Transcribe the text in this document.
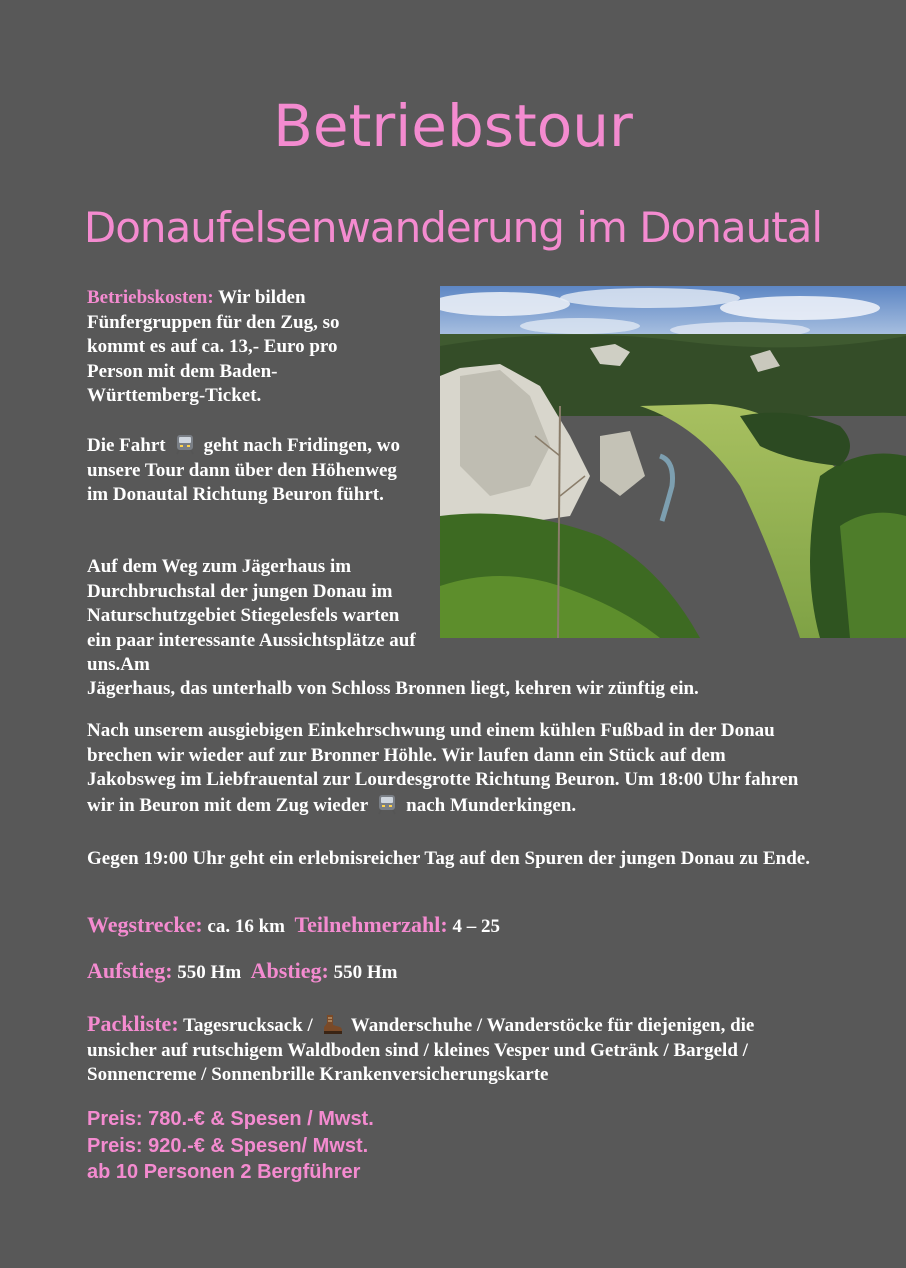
Betriebstour
Donaufelsenwanderung im Donautal

Betriebskosten: Wir bilden Fünfergruppen für den Zug, so kommt es auf ca. 13,- Euro pro Person mit dem Baden-Württemberg-Ticket.

Die Fahrt geht nach Fridingen, wo unsere Tour dann über den Höhenweg im Donautal Richtung Beuron führt.

Auf dem Weg zum Jägerhaus im Durchbruchstal der jungen Donau im Naturschutzgebiet Stiegelesfels warten ein paar interessante Aussichtsplätze auf uns.Am

Jägerhaus, das unterhalb von Schloss Bronnen liegt, kehren wir zünftig ein.

Nach unserem ausgiebigen Einkehrschwung und einem kühlen Fußbad in der Donau brechen wir wieder auf zur Bronner Höhle. Wir laufen dann ein Stück auf dem Jakobsweg im Liebfrauental zur Lourdesgrotte Richtung Beuron. Um 18:00 Uhr fahren wir in Beuron mit dem Zug wieder nach Munderkingen.

Gegen 19:00 Uhr geht ein erlebnisreicher Tag auf den Spuren der jungen Donau zu Ende.

Wegstrecke: ca. 16 km Teilnehmerzahl: 4 – 25

Aufstieg: 550 Hm Abstieg: 550 Hm

Packliste: Tagesrucksack / Wanderschuhe / Wanderstöcke für diejenigen, die unsicher auf rutschigem Waldboden sind / kleines Vesper und Getränk / Bargeld / Sonnencreme / Sonnenbrille Krankenversicherungskarte

Preis: 780.-€ & Spesen / Mwst.
Preis: 920.-€ & Spesen/ Mwst.
ab 10 Personen 2 Bergführer
